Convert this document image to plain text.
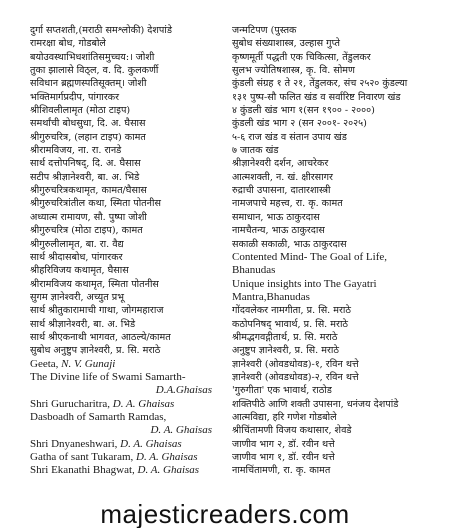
दुर्गा सप्तशती,(मराठी समश्लोकी) देशपांडे
रामरक्षा बोध, गोडबोले
बयोउवस्थाभिधशांतिसमुच्चय:। जोशी
तुका झालासे विठ्ल, व. दि. कुलकर्णी
सविधान ब्रह्मणस्पतिसूक्तम्। जोशी
भक्तिमार्गप्रदीप, पांगारकर
श्रीशिवलीलामृत (मोठा टाइप)
समर्थांची बोधसुधा, दि. अ. घैसास
श्रीगुरुचरित्र, (लहान टाइप) कामत
श्रीरामविजय, ना. रा. रानडे
सार्थ दत्तोपनिषद्, दि. अ. घैसास
सटीप श्रीज्ञानेश्वरी, बा. अ. भिडे
श्रीगुरुचरित्रकथामृत, कामत/घैसास
श्रीगुरुचरित्रांतील कथा, स्मिता पोतनीस
अध्यात्म रामायण, सौ. पुष्पा जोशी
श्रीगुरुचरित्र (मोठा टाइप), कामत
श्रीगुरुलीलामृत, बा. रा. वैद्य
सार्थ श्रीदासबोध, पांगारकर
श्रीहरिविजय कथामृत, घैसास
श्रीरामविजय कथामृत, स्मिता पोतनीस
सुगम ज्ञानेश्वरी, अच्युत प्रभू
सार्थ श्रीतुकारामाची गाथा, जोगमहाराज
सार्थ श्रीज्ञानेश्वरी, बा. अ. भिडे
सार्थ श्रीएकनाथी भागवत, आठल्ये/कामत
सुबोध अनुष्टुप ज्ञानेश्वरी, प्र. सि. मराठे
Geeta, N. V. Gunaji
The Divine life of Swami Samarth-
D.A.Ghaisas
Shri Gurucharitra, D. A. Ghaisas
Dasboadh of Samarth Ramdas,
D. A. Ghaisas
Shri Dnyaneshwari, D. A. Ghaisas
Gatha of sant Tukaram, D. A. Ghaisas
Shri Ekanathi Bhagwat, D. A. Ghaisas
जन्मटिपण (पुस्तक
सुबोध संख्याशास्त्र, उल्हास गुप्ते
कृष्णमूर्ती पद्धती एक चिकित्सा, तेंडुलकर
सुलभ ज्योतिषशास्त्र, कृ. वि. सोमण
कुंडली संग्रह १ ते २१, तेंडुलकर, संच २५२० कुंडल्या
१३१ पुष्प-सौ फलित खंड व सर्वारिष्ट निवारण खंड
४ कुंडली खंड भाग १(सन १९०० - २०००)
कुंडली खंड भाग २ (सन २००१- २०२५)
५-६ राज खंड व संतान उपाय खंड
७ जातक खंड
श्रीज्ञानेश्वरी दर्शन, आचरेकर
आत्मशक्ती, न. खं. क्षीरसागर
रुद्राची उपासना, दातारशास्त्री
नामजपाचे महत्त्व, रा. कृ. कामत
समाधान, भाऊ ठाकुरदास
नामचैतन्य, भाऊ ठाकुरदास
सकाळी सकाळी, भाऊ ठाकुरदास
Contented Mind- The Goal of Life,
Bhanudas
Unique insights into The Gayatri
Mantra,Bhanudas
गोंदवलेकर नामगीता, प्र. सि. मराठे
कठोपनिषद् भावार्थ, प्र. सि. मराठे
श्रीमद्भगवद्गीतार्थ, प्र. सि. मराठे
अनुष्टुप ज्ञानेश्वरी, प्र. सि. मराठे
ज्ञानेश्वरी (ओवडधोवड)-१, रविन थत्ते
ज्ञानेश्वरी (ओवडधोवड)-२, रविन थत्ते
'गुरुगीता' एक भावार्थ, राठोड
शक्तिपीठे आणि शक्ती उपासना, धनंजय देशपांडे
आत्मविद्या, हरि गणेश गोडबोले
श्रीचिंतामणी विजय कथासार, शेवडे
जाणीव भाग २, डॉ. रवीन थत्ते
जाणीव भाग १, डॉ. रवीन थत्ते
नामचिंतामणी, रा. कृ. कामत
majesticreaders.com
